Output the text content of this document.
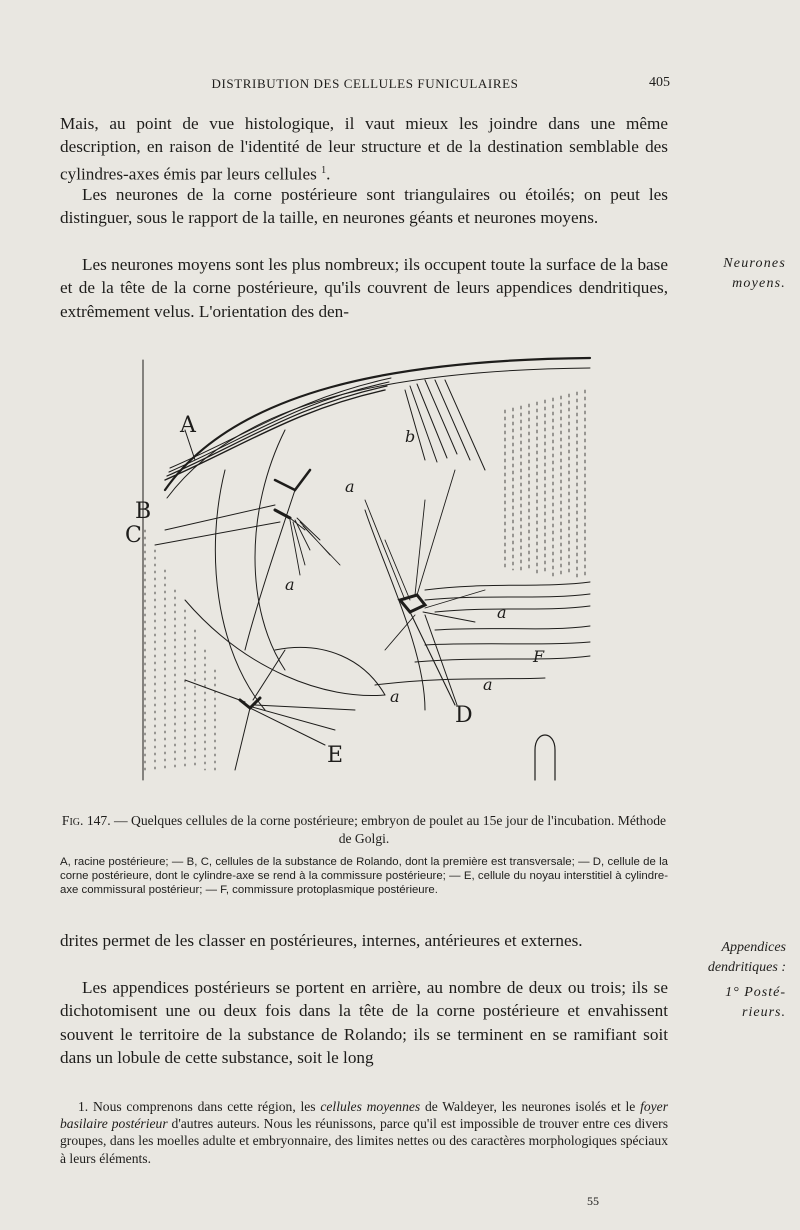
DISTRIBUTION DES CELLULES FUNICULAIRES	405

Mais, au point de vue histologique, il vaut mieux les joindre dans une même description, en raison de l'identité de leur structure et de la destination semblable des cylindres-axes émis par leurs cellules $^1$.

Les neurones de la corne postérieure sont triangulaires ou étoilés; on peut les distinguer, sous le rapport de la taille, en neurones géants et neurones moyens.

Les neurones moyens sont les plus nombreux; ils occupent toute la surface de la base et de la tête de la corne postérieure, qu'ils couvrent de leurs appendices dendritiques, extrêmement velus. L'orientation des den-

Neurones
moyens.
A
B
C
D
E
F
a
a
a
a
a
b

Fig. 147. — Quelques cellules de la corne postérieure; embryon de poulet au 15e jour de l'incubation. Méthode de Golgi.

A, racine postérieure; — B, C, cellules de la substance de Rolando, dont la première est transversale; — D, cellule de la corne postérieure, dont le cylindre-axe se rend à la commissure postérieure; — E, cellule du noyau interstitiel à cylindre-axe commissural postérieur; — F, commissure protoplasmique postérieure.

drites permet de les classer en postérieures, internes, antérieures et externes.

Les appendices postérieurs se portent en arrière, au nombre de deux ou trois; ils se dichotomisent une ou deux fois dans la tête de la corne postérieure et envahissent souvent le territoire de la substance de Rolando; ils se terminent en se ramifiant soit dans un lobule de cette substance, soit le long

Appendices
dendritiques :
1° Posté-
rieurs.

1. Nous comprenons dans cette région, les cellules moyennes de Waldeyer, les neurones isolés et le foyer basilaire postérieur d'autres auteurs. Nous les réunissons, parce qu'il est impossible de trouver entre ces divers groupes, dans les moelles adulte et embryonnaire, des limites nettes ou des caractères morphologiques spéciaux à leurs éléments.

55
